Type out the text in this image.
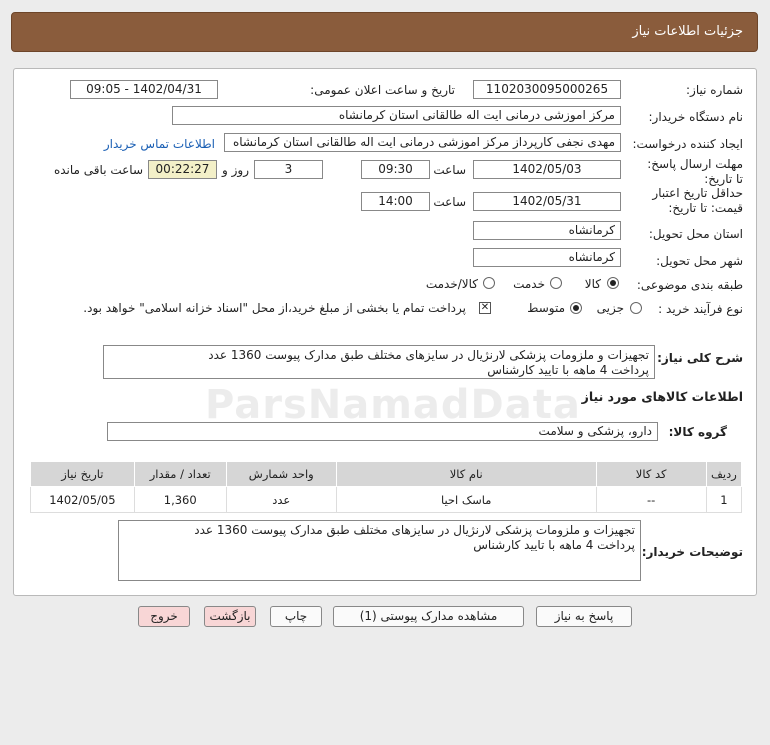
جزئیات اطلاعات نیاز
شماره نیاز:
1102030095000265
تاریخ و ساعت اعلان عمومی:
1402/04/31 - 09:05
نام دستگاه خریدار:
مرکز اموزشی درمانی ایت اله طالقانی استان کرمانشاه
ایجاد کننده درخواست:
مهدی نجفی کارپرداز مرکز اموزشی درمانی ایت اله طالقانی استان کرمانشاه
اطلاعات تماس خریدار
مهلت ارسال پاسخ: تا تاریخ:
1402/05/03
ساعت
09:30
3
روز و
00:22:27
ساعت باقی مانده
حداقل تاریخ اعتبار قیمت: تا تاریخ:
1402/05/31
ساعت
14:00
استان محل تحویل:
کرمانشاه
شهر محل تحویل:
کرمانشاه
طبقه بندی موضوعی:
کالا
خدمت
کالا/خدمت
نوع فرآیند خرید :
جزیی
متوسط
✕
پرداخت تمام یا بخشی از مبلغ خرید،از محل "اسناد خزانه اسلامی" خواهد بود.
شرح کلی نیاز:
تجهیزات و ملزومات پزشکی لارنژیال در سایزهای مختلف طبق مدارک پیوست 1360 عدد
پرداخت 4 ماهه با تایید کارشناس
اطلاعات کالاهای مورد نیاز
گروه کالا:
دارو، پزشکی و سلامت
ردیف	کد کالا	نام کالا	واحد شمارش	تعداد / مقدار	تاریخ نیاز
1	--	ماسک احیا	عدد	1,360	1402/05/05
توضیحات خریدار:
تجهیزات و ملزومات پزشکی لارنژیال در سایزهای مختلف طبق مدارک پیوست 1360 عدد
پرداخت 4 ماهه با تایید کارشناس
پاسخ به نیاز
مشاهده مدارک پیوستی (1)
چاپ
بازگشت
خروج
